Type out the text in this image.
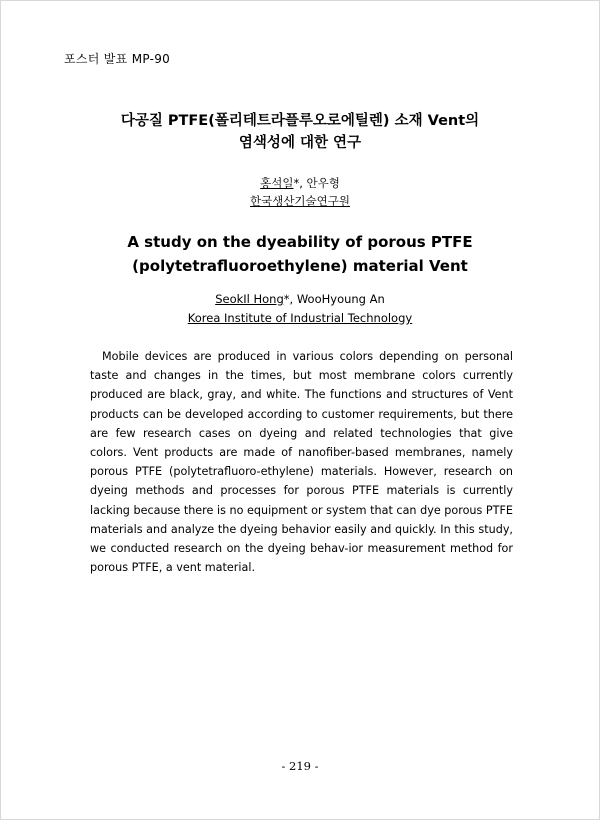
포스터 발표 MP-90
다공질 PTFE(폴리테트라플루오로에틸렌) 소재 Vent의
염색성에 대한 연구
홍석일*, 안우형
한국생산기술연구원
A study on the dyeability of porous PTFE
(polytetrafluoroethylene) material Vent
SeokIl Hong*, WooHyoung An
Korea Institute of Industrial Technology

Mobile devices are produced in various colors depending on personal taste and changes in the times, but most membrane colors currently produced are black, gray, and white. The functions and structures of Vent products can be developed according to customer requirements, but there are few research cases on dyeing and related technologies that give colors. Vent products are made of nanofiber-based membranes, namely porous PTFE (polytetrafluoro-ethylene) materials. However, research on dyeing methods and processes for porous PTFE materials is currently lacking because there is no equipment or system that can dye porous PTFE materials and analyze the dyeing behavior easily and quickly. In this study, we conducted research on the dyeing behav-ior measurement method for porous PTFE, a vent material.

- 219 -
